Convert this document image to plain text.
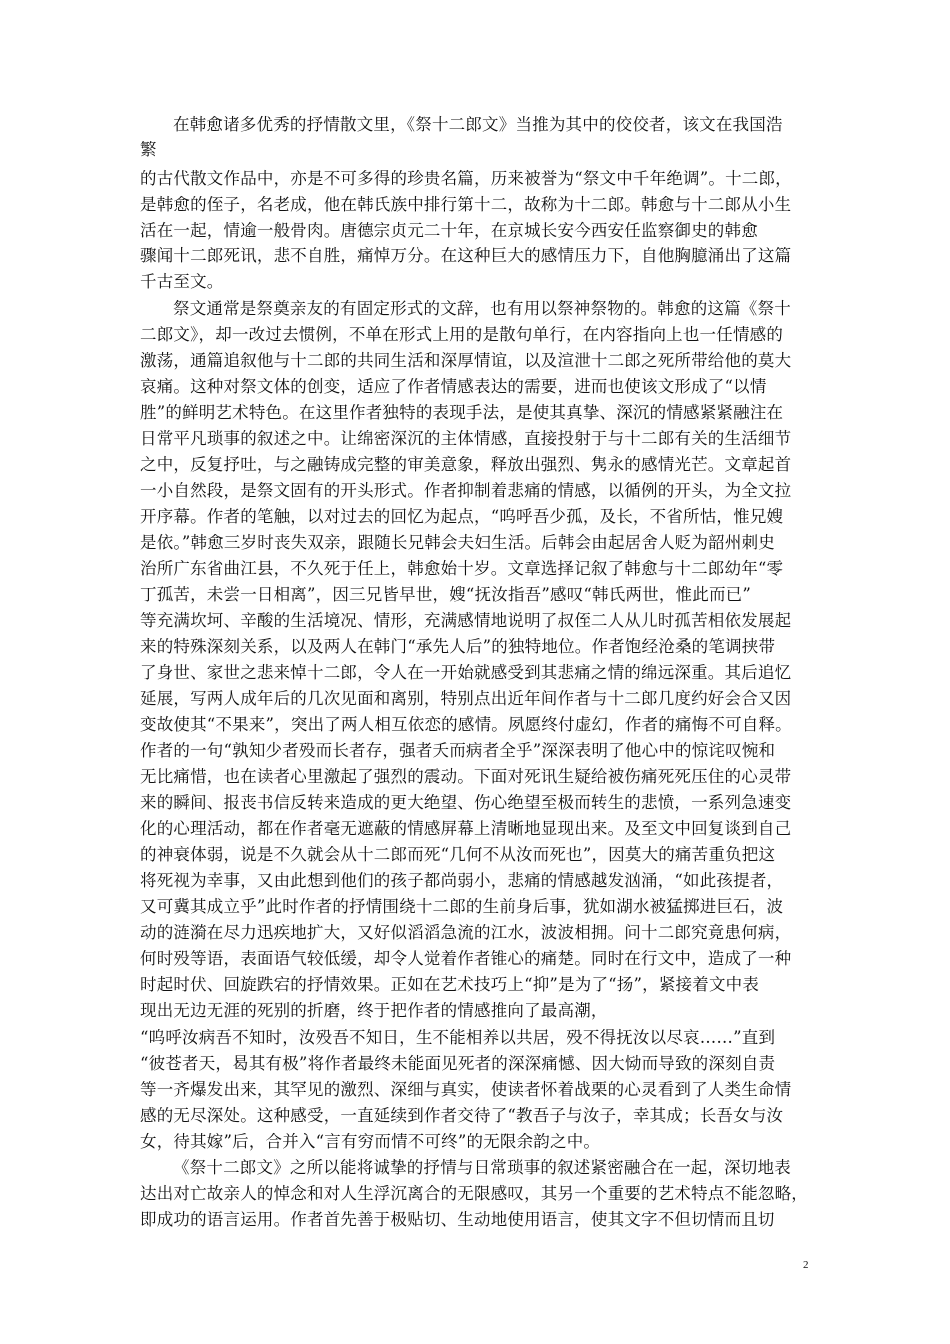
在韩愈诸多优秀的抒情散文里，《祭十二郎文》当推为其中的佼佼者，该文在我国浩
繁
的古代散文作品中，亦是不可多得的珍贵名篇，历来被誉为“祭文中千年绝调”。十二郎，
是韩愈的侄子，名老成，他在韩氏族中排行第十二，故称为十二郎。韩愈与十二郎从小生
活在一起，情逾一般骨肉。唐德宗贞元二十年，在京城长安今西安任监察御史的韩愈
骤闻十二郎死讯，悲不自胜，痛悼万分。在这种巨大的感情压力下，自他胸臆涌出了这篇
千古至文。
祭文通常是祭奠亲友的有固定形式的文辞，也有用以祭神祭物的。韩愈的这篇《祭十
二郎文》，却一改过去惯例，不单在形式上用的是散句单行，在内容指向上也一任情感的
激荡，通篇追叙他与十二郎的共同生活和深厚情谊，以及渲泄十二郎之死所带给他的莫大
哀痛。这种对祭文体的创变，适应了作者情感表达的需要，进而也使该文形成了“以情
胜”的鲜明艺术特色。在这里作者独特的表现手法，是使其真挚、深沉的情感紧紧融注在
日常平凡琐事的叙述之中。让绵密深沉的主体情感，直接投射于与十二郎有关的生活细节
之中，反复抒吐，与之融铸成完整的审美意象，释放出强烈、隽永的感情光芒。文章起首
一小自然段，是祭文固有的开头形式。作者抑制着悲痛的情感，以循例的开头，为全文拉
开序幕。作者的笔触，以对过去的回忆为起点，“呜呼吾少孤，及长，不省所怙，惟兄嫂
是依。”韩愈三岁时丧失双亲，跟随长兄韩会夫妇生活。后韩会由起居舍人贬为韶州刺史
治所广东省曲江县，不久死于任上，韩愈始十岁。文章选择记叙了韩愈与十二郎幼年“零
丁孤苦，未尝一日相离”，因三兄皆早世，嫂“抚汝指吾”感叹“韩氏两世，惟此而已”
等充满坎坷、辛酸的生活境况、情形，充满感情地说明了叔侄二人从儿时孤苦相依发展起
来的特殊深刻关系，以及两人在韩门“承先人后”的独特地位。作者饱经沧桑的笔调挟带
了身世、家世之悲来悼十二郎，令人在一开始就感受到其悲痛之情的绵远深重。其后追忆
延展，写两人成年后的几次见面和离别，特别点出近年间作者与十二郎几度约好会合又因
变故使其“不果来”，突出了两人相互依恋的感情。夙愿终付虚幻，作者的痛悔不可自释。
作者的一句“孰知少者殁而长者存，强者夭而病者全乎”深深表明了他心中的惊诧叹惋和
无比痛惜，也在读者心里激起了强烈的震动。下面对死讯生疑给被伤痛死死压住的心灵带
来的瞬间、报丧书信反转来造成的更大绝望、伤心绝望至极而转生的悲愤，一系列急速变
化的心理活动，都在作者毫无遮蔽的情感屏幕上清晰地显现出来。及至文中回复谈到自己
的神衰体弱，说是不久就会从十二郎而死“几何不从汝而死也”，因莫大的痛苦重负把这
将死视为幸事，又由此想到他们的孩子都尚弱小，悲痛的情感越发汹涌，“如此孩提者，
又可冀其成立乎”此时作者的抒情围绕十二郎的生前身后事，犹如湖水被猛掷进巨石，波
动的涟漪在尽力迅疾地扩大，又好似滔滔急流的江水，波波相拥。问十二郎究竟患何病，
何时殁等语，表面语气较低缓，却令人觉着作者锥心的痛楚。同时在行文中，造成了一种
时起时伏、回旋跌宕的抒情效果。正如在艺术技巧上“抑”是为了“扬”，紧接着文中表
现出无边无涯的死别的折磨，终于把作者的情感推向了最高潮，
“呜呼汝病吾不知时，汝殁吾不知日，生不能相养以共居，殁不得抚汝以尽哀……”直到
“彼苍者天，曷其有极”将作者最终未能面见死者的深深痛憾、因大恸而导致的深刻自责
等一齐爆发出来，其罕见的激烈、深细与真实，使读者怀着战栗的心灵看到了人类生命情
感的无尽深处。这种感受，一直延续到作者交待了“教吾子与汝子，幸其成；长吾女与汝
女，待其嫁”后，合并入“言有穷而情不可终”的无限余韵之中。
《祭十二郎文》之所以能将诚挚的抒情与日常琐事的叙述紧密融合在一起，深切地表
达出对亡故亲人的悼念和对人生浮沉离合的无限感叹，其另一个重要的艺术特点不能忽略，
即成功的语言运用。作者首先善于极贴切、生动地使用语言，使其文字不但切情而且切
2
